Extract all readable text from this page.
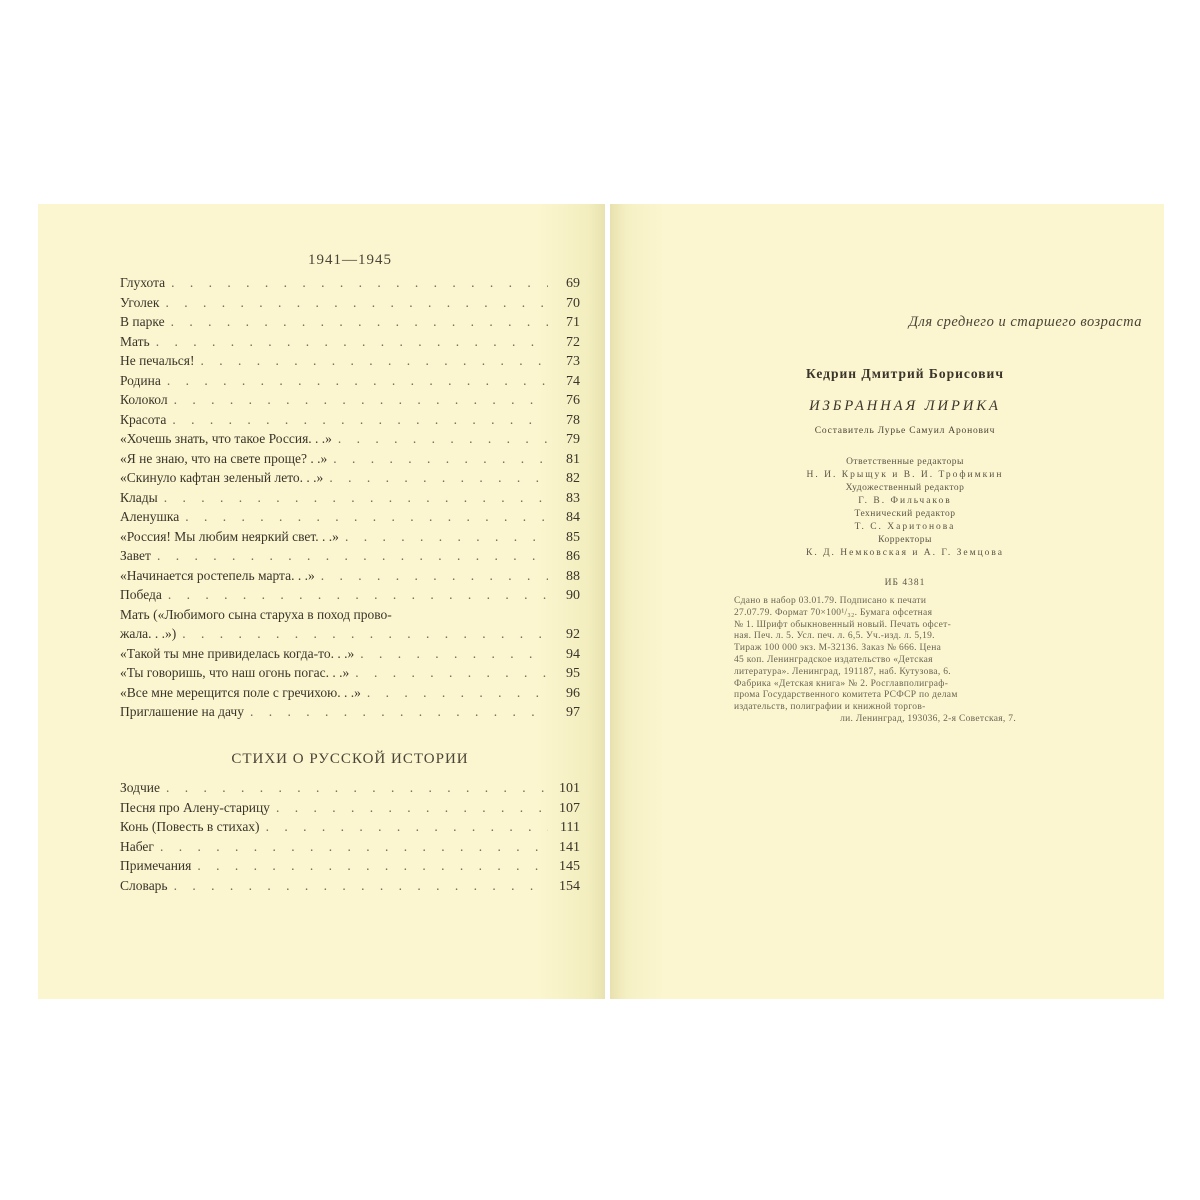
1941—1945
Глухота . . .	69
Уголек . . .	70
В парке . . .	71
Мать . . .	72
Не печалься! . . .	73
Родина . . .	74
Колокол . . .	76
Красота . . .	78
«Хочешь знать, что такое Россия. . .» . . .	79
«Я не знаю, что на свете проще? . .» . . .	81
«Скинуло кафтан зеленый лето. . .» . . .	82
Клады . . .	83
Аленушка . . .	84
«Россия! Мы любим неяркий свет. . .» . . .	85
Завет . . .	86
«Начинается ростепель марта. . .» . . .	88
Победа . . .	90
Мать («Любимого сына старуха в поход прово-
жала. . .») . . .	92
«Такой ты мне привиделась когда-то. . .» . . .	94
«Ты говоришь, что наш огонь погас. . .» . . .	95
«Все мне мерещится поле с гречихою. . .» . . .	96
Приглашение на дачу . . .	97
СТИХИ О РУССКОЙ ИСТОРИИ
Зодчие . . .	101
Песня про Алену-старицу . . .	107
Конь (Повесть в стихах) . . .	111
Набег . . .	141
Примечания . . .	145
Словарь . . .	154
Для среднего и старшего возраста
Кедрин Дмитрий Борисович
ИЗБРАННАЯ ЛИРИКА
Составитель Лурье Самуил Аронович
Ответственные редакторы
Н. И. Крыщук и В. И. Трофимкин
Художественный редактор
Г. В. Фильчаков
Технический редактор
Т. С. Харитонова
Корректоры
К. Д. Немковская и А. Г. Земцова
ИБ 4381
Сдано в набор 03.01.79. Подписано к печати
27.07.79. Формат 70×100¹/₃₂. Бумага офсетная
№ 1. Шрифт обыкновенный новый. Печать офсет-
ная. Печ. л. 5. Усл. печ. л. 6,5. Уч.-изд. л. 5,19.
Тираж 100 000 экз. М-32136. Заказ № 666. Цена
45 коп. Ленинградское издательство «Детская
литература». Ленинград, 191187, наб. Кутузова, 6.
Фабрика «Детская книга» № 2. Росглавполиграф-
прома Государственного комитета РСФСР по делам
издательств, полиграфии и книжной торгов-
ли. Ленинград, 193036, 2-я Советская, 7.
